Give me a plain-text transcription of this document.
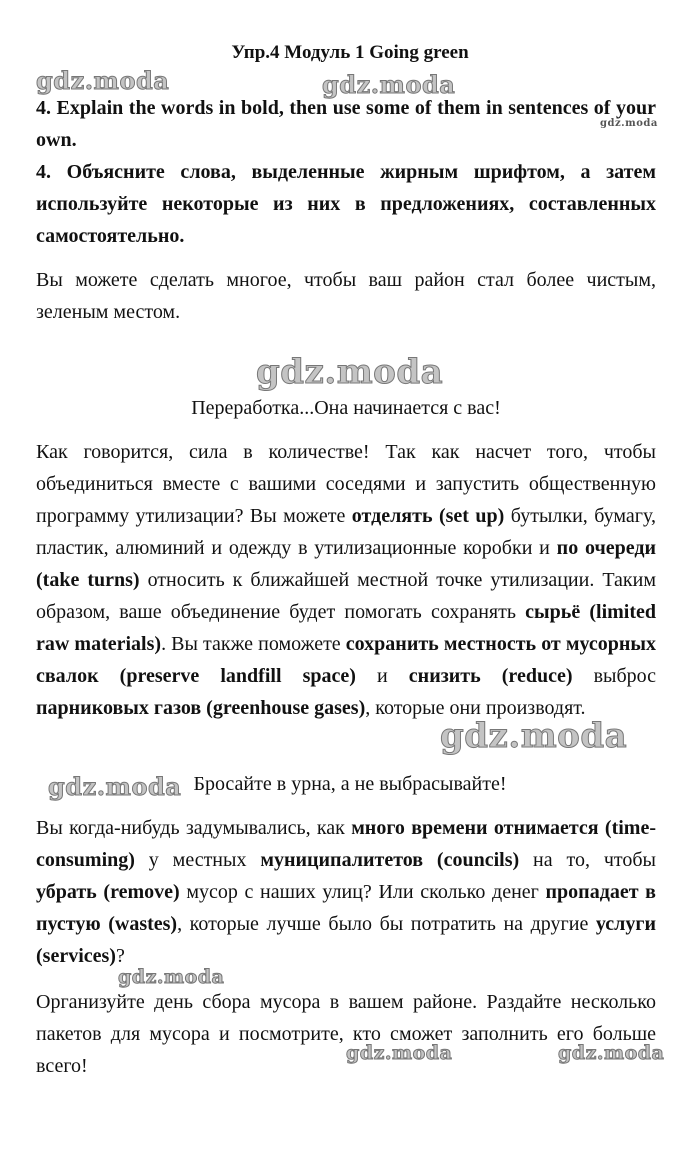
Упр.4 Модуль 1 Going green
4. Explain the words in bold, then use some of them in sentences of your own.
4. Объясните слова, выделенные жирным шрифтом, а затем используйте некоторые из них в предложениях, составленных самостоятельно.
Вы можете сделать многое, чтобы ваш район стал более чистым, зеленым местом.
Переработка...Она начинается с вас!
Как говорится, сила в количестве! Так как насчет того, чтобы объединиться вместе с вашими соседями и запустить общественную программу утилизации? Вы можете отделять (set up) бутылки, бумагу, пластик, алюминий и одежду в утилизационные коробки и по очереди (take turns) относить к ближайшей местной точке утилизации. Таким образом, ваше объединение будет помогать сохранять сырьё (limited raw materials). Вы также поможете сохранить местность от мусорных свалок (preserve landfill space) и снизить (reduce) выброс парниковых газов (greenhouse gases), которые они производят.
Бросайте в урна, а не выбрасывайте!
Вы когда-нибудь задумывались, как много времени отнимается (time-consuming) у местных муниципалитетов (councils) на то, чтобы убрать (remove) мусор с наших улиц? Или сколько денег пропадает в пустую (wastes), которые лучше было бы потратить на другие услуги (services)?
Организуйте день сбора мусора в вашем районе. Раздайте несколько пакетов для мусора и посмотрите, кто сможет заполнить его больше всего!
gdz.moda	gdz.moda
gdz.moda
gdz.moda
gdz.moda
gdz.moda
gdz.moda
gdz.moda	gdz.moda
